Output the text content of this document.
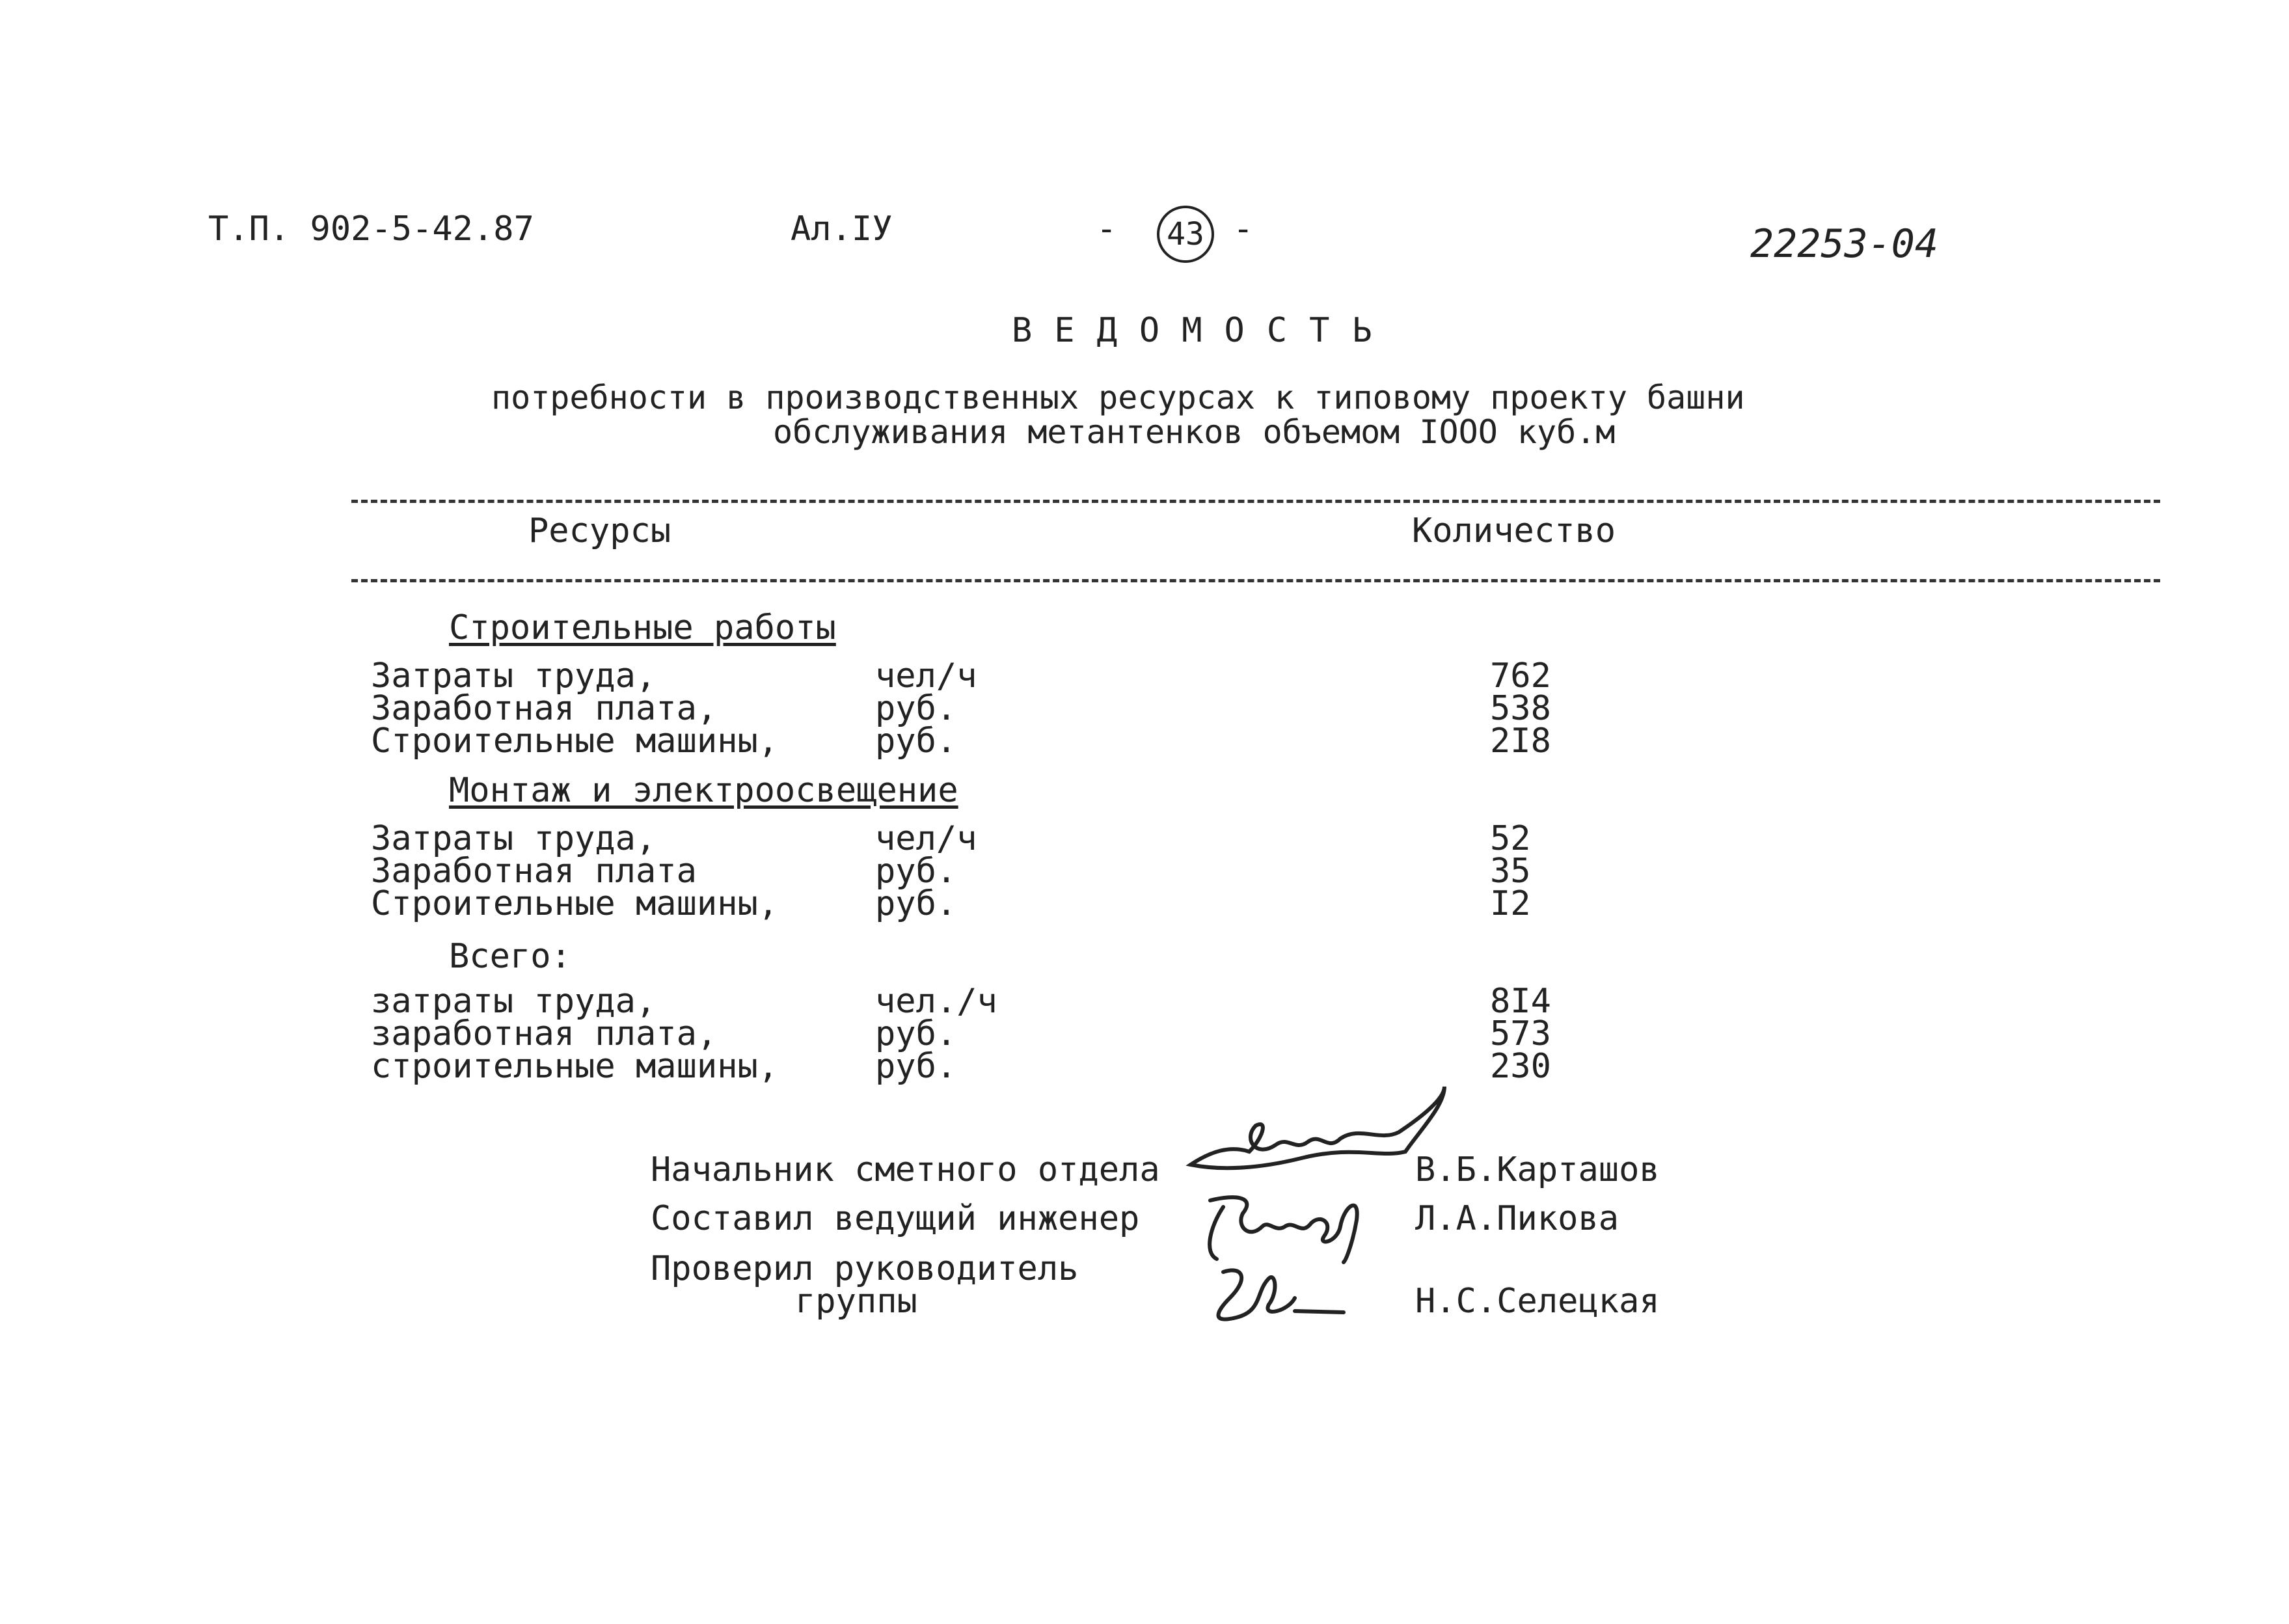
Т.П. 902-5-42.87	Ал.IУ	-	43 -	22253-04
ВЕДОМОСТЬ
потребности в производственных ресурсах к типовому проекту башни
обслуживания метантенков объемом IOOO куб.м
Ресурсы	Количество
Строительные работы
Затраты труда,	чел/ч	762
Заработная плата,	руб.	538
Строительные машины,	руб.	2I8
Монтаж и электроосвещение
Затраты труда,	чел/ч	52
Заработная плата	руб.	35
Строительные машины,	руб.	I2
Всего:
затраты труда,	чел./ч	8I4
заработная плата,	руб.	573
строительные машины,	руб.	230
Начальник сметного отдела	В.Б.Карташов
Составил ведущий инженер	Л.А.Пикова
Проверил руководитель
группы	Н.С.Селецкая
